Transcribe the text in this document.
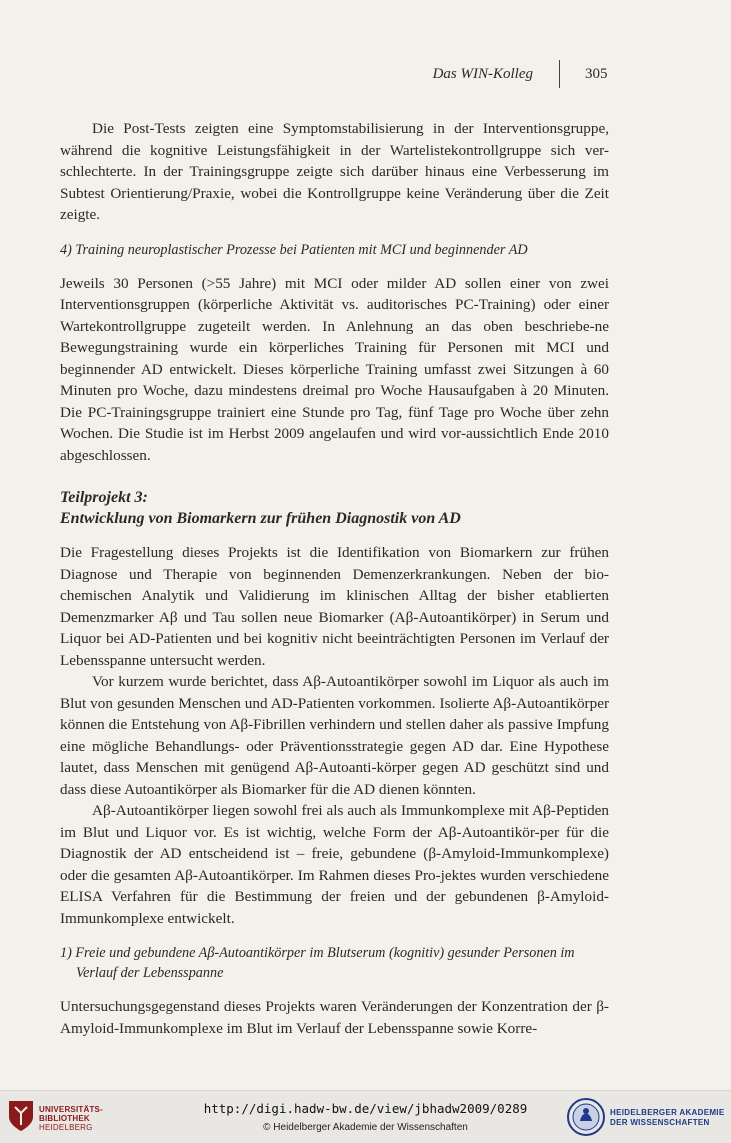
Das WIN-Kolleg	305

Die Post-Tests zeigten eine Symptomstabilisierung in der Interventionsgruppe, während die kognitive Leistungsfähigkeit in der Wartelistekontrollgruppe sich ver-schlechterte. In der Trainingsgruppe zeigte sich darüber hinaus eine Verbesserung im Subtest Orientierung/Praxie, wobei die Kontrollgruppe keine Veränderung über die Zeit zeigte.

4) Training neuroplastischer Prozesse bei Patienten mit MCI und beginnender AD

Jeweils 30 Personen (>55 Jahre) mit MCI oder milder AD sollen einer von zwei Interventionsgruppen (körperliche Aktivität vs. auditorisches PC-Training) oder einer Wartekontrollgruppe zugeteilt werden. In Anlehnung an das oben beschriebe-ne Bewegungstraining wurde ein körperliches Training für Personen mit MCI und beginnender AD entwickelt. Dieses körperliche Training umfasst zwei Sitzungen à 60 Minuten pro Woche, dazu mindestens dreimal pro Woche Hausaufgaben à 20 Minuten. Die PC-Trainingsgruppe trainiert eine Stunde pro Tag, fünf Tage pro Woche über zehn Wochen. Die Studie ist im Herbst 2009 angelaufen und wird vor-aussichtlich Ende 2010 abgeschlossen.

Teilprojekt 3:
Entwicklung von Biomarkern zur frühen Diagnostik von AD

Die Fragestellung dieses Projekts ist die Identifikation von Biomarkern zur frühen Diagnose und Therapie von beginnenden Demenzerkrankungen. Neben der bio-chemischen Analytik und Validierung im klinischen Alltag der bisher etablierten Demenzmarker Aβ und Tau sollen neue Biomarker (Aβ-Autoantikörper) in Serum und Liquor bei AD-Patienten und bei kognitiv nicht beeinträchtigten Personen im Verlauf der Lebensspanne untersucht werden.

Vor kurzem wurde berichtet, dass Aβ-Autoantikörper sowohl im Liquor als auch im Blut von gesunden Menschen und AD-Patienten vorkommen. Isolierte Aβ-Autoantikörper können die Entstehung von Aβ-Fibrillen verhindern und stellen daher als passive Impfung eine mögliche Behandlungs- oder Präventionsstrategie gegen AD dar. Eine Hypothese lautet, dass Menschen mit genügend Aβ-Autoanti-körper gegen AD geschützt sind und dass diese Autoantikörper als Biomarker für die AD dienen könnten.

Aβ-Autoantikörper liegen sowohl frei als auch als Immunkomplexe mit Aβ-Peptiden im Blut und Liquor vor. Es ist wichtig, welche Form der Aβ-Autoantikör-per für die Diagnostik der AD entscheidend ist – freie, gebundene (β-Amyloid-Immunkomplexe) oder die gesamten Aβ-Autoantikörper. Im Rahmen dieses Pro-jektes wurden verschiedene ELISA Verfahren für die Bestimmung der freien und der gebundenen β-Amyloid-Immunkomplexe entwickelt.

1) Freie und gebundene Aβ-Autoantikörper im Blutserum (kognitiv) gesunder Personen im Verlauf der Lebensspanne

Untersuchungsgegenstand dieses Projekts waren Veränderungen der Konzentration der β-Amyloid-Immunkomplexe im Blut im Verlauf der Lebensspanne sowie Korre-

UNIVERSITÄTS-
BIBLIOTHEK
HEIDELBERG
http://digi.hadw-bw.de/view/jbhadw2009/0289
© Heidelberger Akademie der Wissenschaften
HEIDELBERGER AKADEMIE
DER WISSENSCHAFTEN
